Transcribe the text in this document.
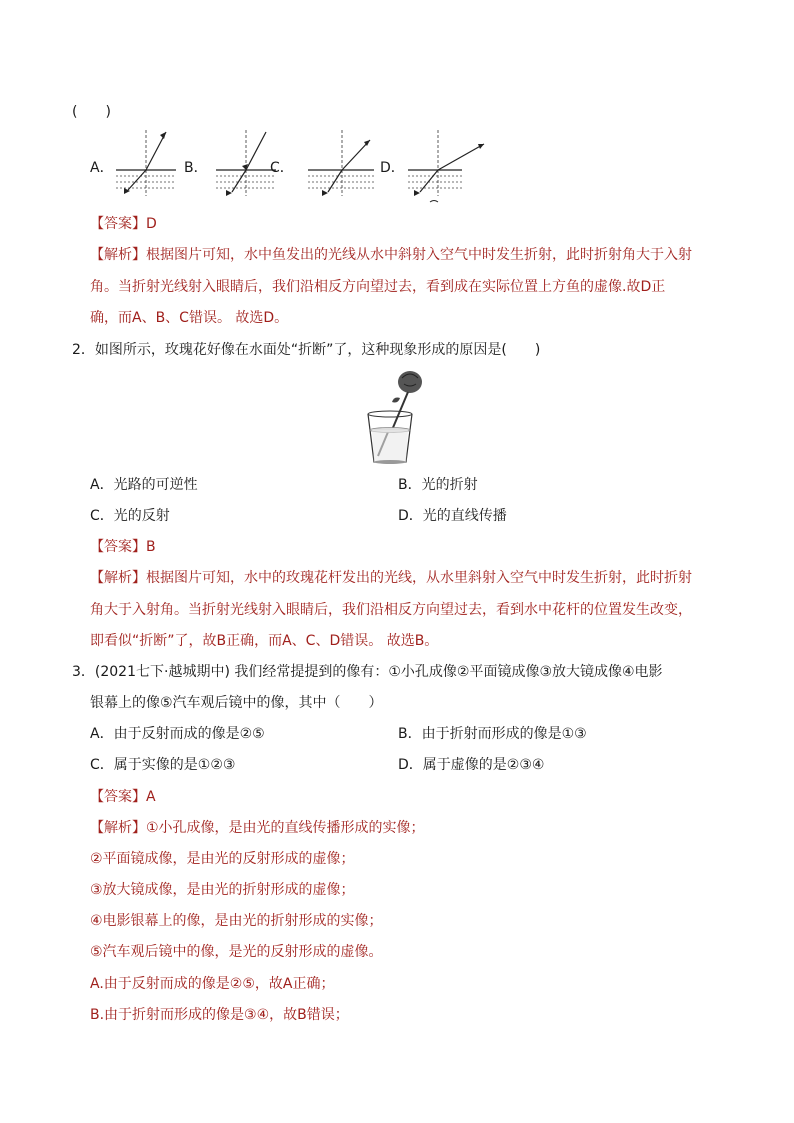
(　　)
A．	B．	C．	D．
【答案】D
【解析】根据图片可知，水中鱼发出的光线从水中斜射入空气中时发生折射，此时折射角大于入射
角。当折射光线射入眼睛后，我们沿相反方向望过去，看到成在实际位置上方鱼的虚像.故D正
确，而A、B、C错误。 故选D。
2．如图所示，玫瑰花好像在水面处“折断”了，这种现象形成的原因是(　　)
A．光路的可逆性	B．光的折射
C．光的反射	D．光的直线传播
【答案】B
【解析】根据图片可知，水中的玫瑰花杆发出的光线，从水里斜射入空气中时发生折射，此时折射
角大于入射角。当折射光线射入眼睛后，我们沿相反方向望过去，看到水中花杆的位置发生改变，
即看似“折断”了，故B正确，而A、C、D错误。 故选B。
3．(2021七下·越城期中) 我们经常提提到的像有：①小孔成像②平面镜成像③放大镜成像④电影
银幕上的像⑤汽车观后镜中的像，其中（　　）
A．由于反射而成的像是②⑤	B．由于折射而形成的像是①③
C．属于实像的是①②③	D．属于虚像的是②③④
【答案】A
【解析】①小孔成像，是由光的直线传播形成的实像；
②平面镜成像，是由光的反射形成的虚像；
③放大镜成像，是由光的折射形成的虚像；
④电影银幕上的像，是由光的折射形成的实像；
⑤汽车观后镜中的像，是光的反射形成的虚像。
A.由于反射而成的像是②⑤，故A正确；
B.由于折射而形成的像是③④，故B错误；
